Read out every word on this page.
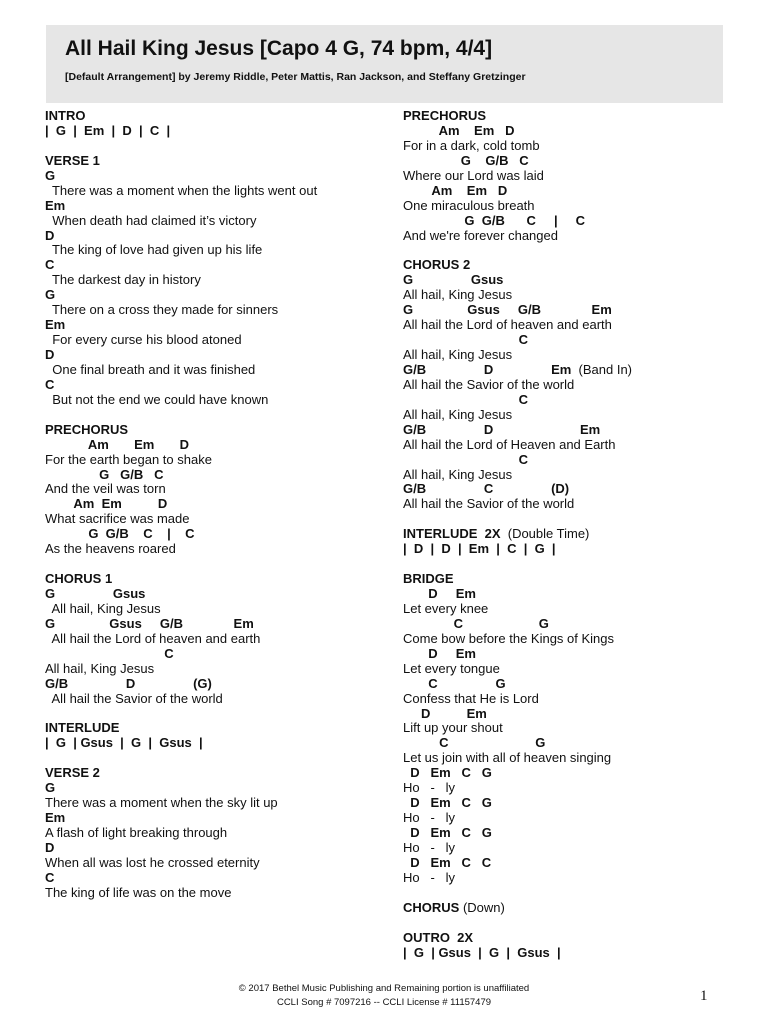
All Hail King Jesus [Capo 4 G, 74 bpm, 4/4]
[Default Arrangement] by Jeremy Riddle, Peter Mattis, Ran Jackson, and Steffany Gretzinger
INTRO
|  G  |  Em  |  D  |  C  |
VERSE 1
G
There was a moment when the lights went out
Em
When death had claimed it’s victory
D
The king of love had given up his life
C
The darkest day in history
G
There on a cross they made for sinners
Em
For every curse his blood atoned
D
One final breath and it was finished
C
But not the end we could have known
PRECHORUS
Am       Em       D
For the earth began to shake
G   G/B   C
And the veil was torn
Am  Em          D
What sacrifice was made
G  G/B    C    |    C
As the heavens roared
CHORUS 1
G                Gsus
All hail, King Jesus
G               Gsus     G/B              Em
All hail the Lord of heaven and earth
C
All hail, King Jesus
G/B                D                (G)
All hail the Savior of the world
INTERLUDE
|  G  | Gsus  |  G  |  Gsus  |
VERSE 2
G
There was a moment when the sky lit up
Em
A flash of light breaking through
D
When all was lost he crossed eternity
C
The king of life was on the move
PRECHORUS
Am    Em   D
For in a dark, cold tomb
G    G/B   C
Where our Lord was laid
Am    Em   D
One miraculous breath
G  G/B      C     |     C
And we're forever changed
CHORUS 2
G                Gsus
All hail, King Jesus
G               Gsus     G/B              Em
All hail the Lord of heaven and earth
C
All hail, King Jesus
G/B                D                Em  (Band In)
All hail the Savior of the world
C
All hail, King Jesus
G/B                D                        Em
All hail the Lord of Heaven and Earth
C
All hail, King Jesus
G/B                C                (D)
All hail the Savior of the world
INTERLUDE  2X  (Double Time)
|  D  |  D  |  Em  |  C  |  G  |
BRIDGE
D     Em
Let every knee
C                     G
Come bow before the Kings of Kings
D     Em
Let every tongue
C                G
Confess that He is Lord
D          Em
Lift up your shout
C                        G
Let us join with all of heaven singing
D   Em   C   G
Ho   -   ly
D   Em   C   G
Ho   -   ly
D   Em   C   G
Ho   -   ly
D   Em   C   C
Ho   -   ly
CHORUS (Down)
OUTRO  2X
|  G  | Gsus  |  G  |  Gsus  |
© 2017 Bethel Music Publishing and Remaining portion is unaffiliated
CCLI Song # 7097216 -- CCLI License # 11157479	1
